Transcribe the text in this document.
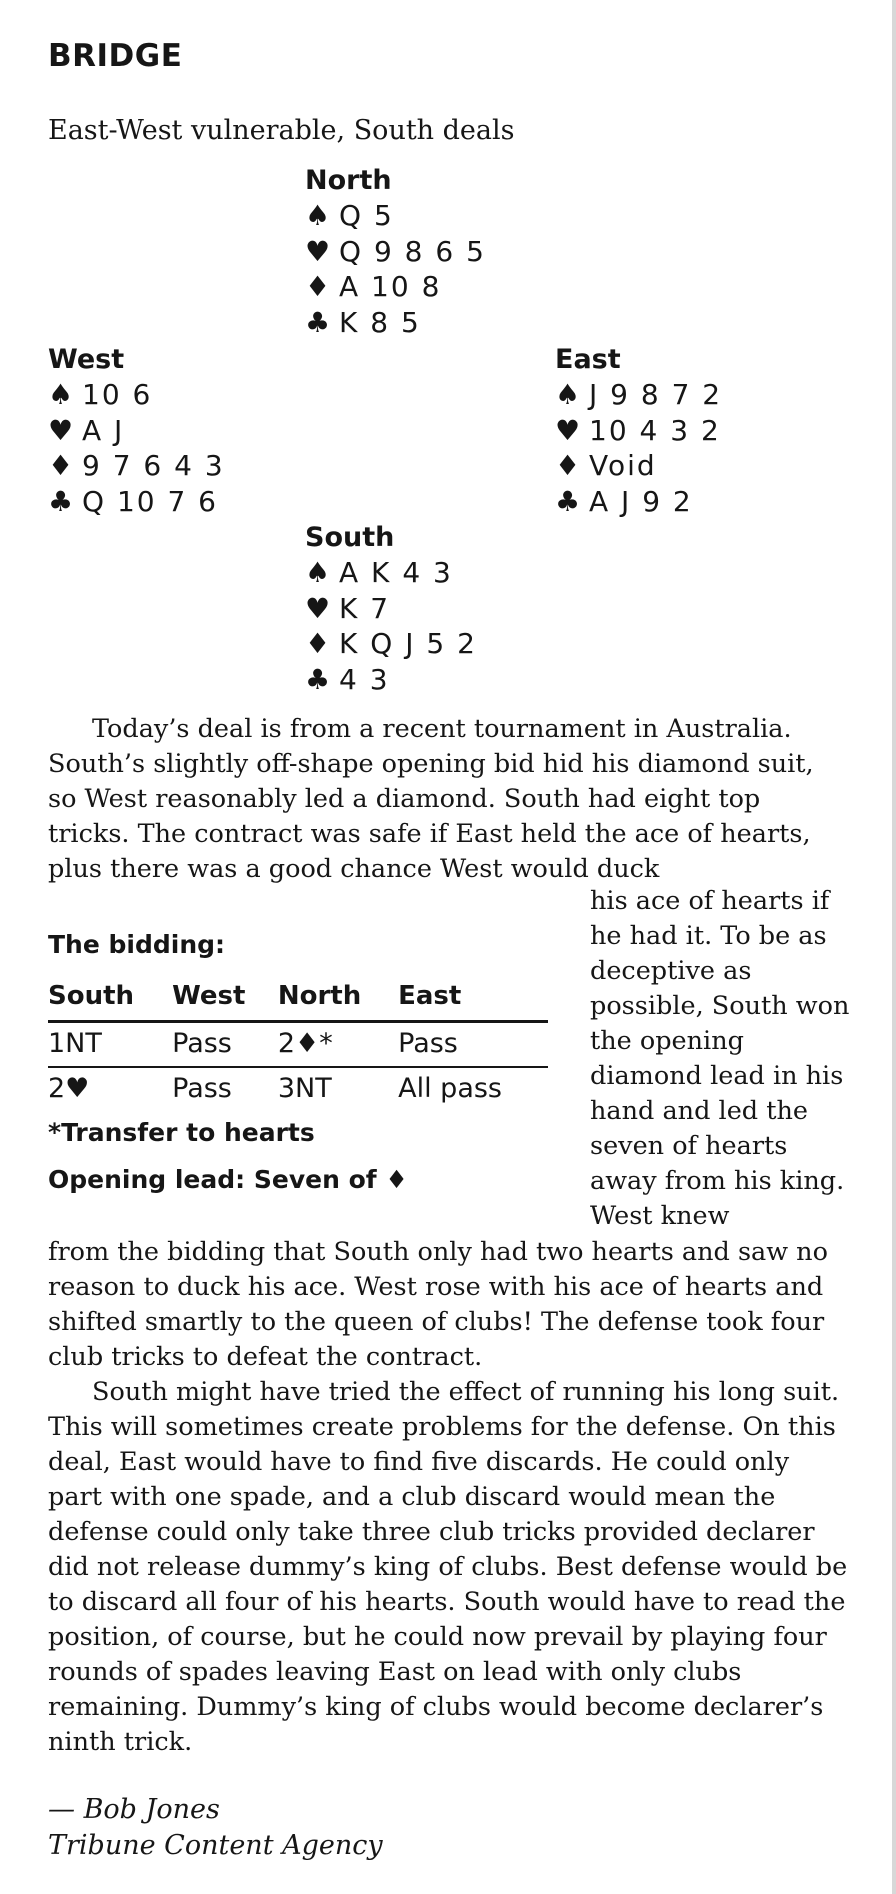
BRIDGE
East-West vulnerable, South deals
North
♠ Q 5
♥ Q 9 8 6 5
♦ A 10 8
♣ K 8 5
West
♠ 10 6
♥ A J
♦ 9 7 6 4 3
♣ Q 10 7 6
East
♠ J 9 8 7 2
♥ 10 4 3 2
♦ Void
♣ A J 9 2
South
♠ A K 4 3
♥ K 7
♦ K Q J 5 2
♣ 4 3

Today’s deal is from a recent tournament in Australia. South’s slightly off-shape opening bid hid his diamond suit, so West reasonably led a diamond. South had eight top tricks. The contract was safe if East held the ace of hearts, plus there was a good chance West would duck

his ace of hearts if he had it. To be as deceptive as possible, South won the opening diamond lead in his hand and led the seven of hearts away from his king. West knew
The bidding:
South	West	North	East
1NT	Pass	2♦*	Pass
2♥	Pass	3NT	All pass
*Transfer to hearts
Opening lead: Seven of ♦

from the bidding that South only had two hearts and saw no reason to duck his ace. West rose with his ace of hearts and shifted smartly to the queen of clubs! The defense took four club tricks to defeat the contract.

South might have tried the effect of running his long suit. This will sometimes create problems for the defense. On this deal, East would have to find five discards. He could only part with one spade, and a club discard would mean the defense could only take three club tricks provided declarer did not release dummy’s king of clubs. Best defense would be to discard all four of his hearts. South would have to read the position, of course, but he could now prevail by playing four rounds of spades leaving East on lead with only clubs remaining. Dummy’s king of clubs would become declarer’s ninth trick.

— Bob Jones
Tribune Content Agency
